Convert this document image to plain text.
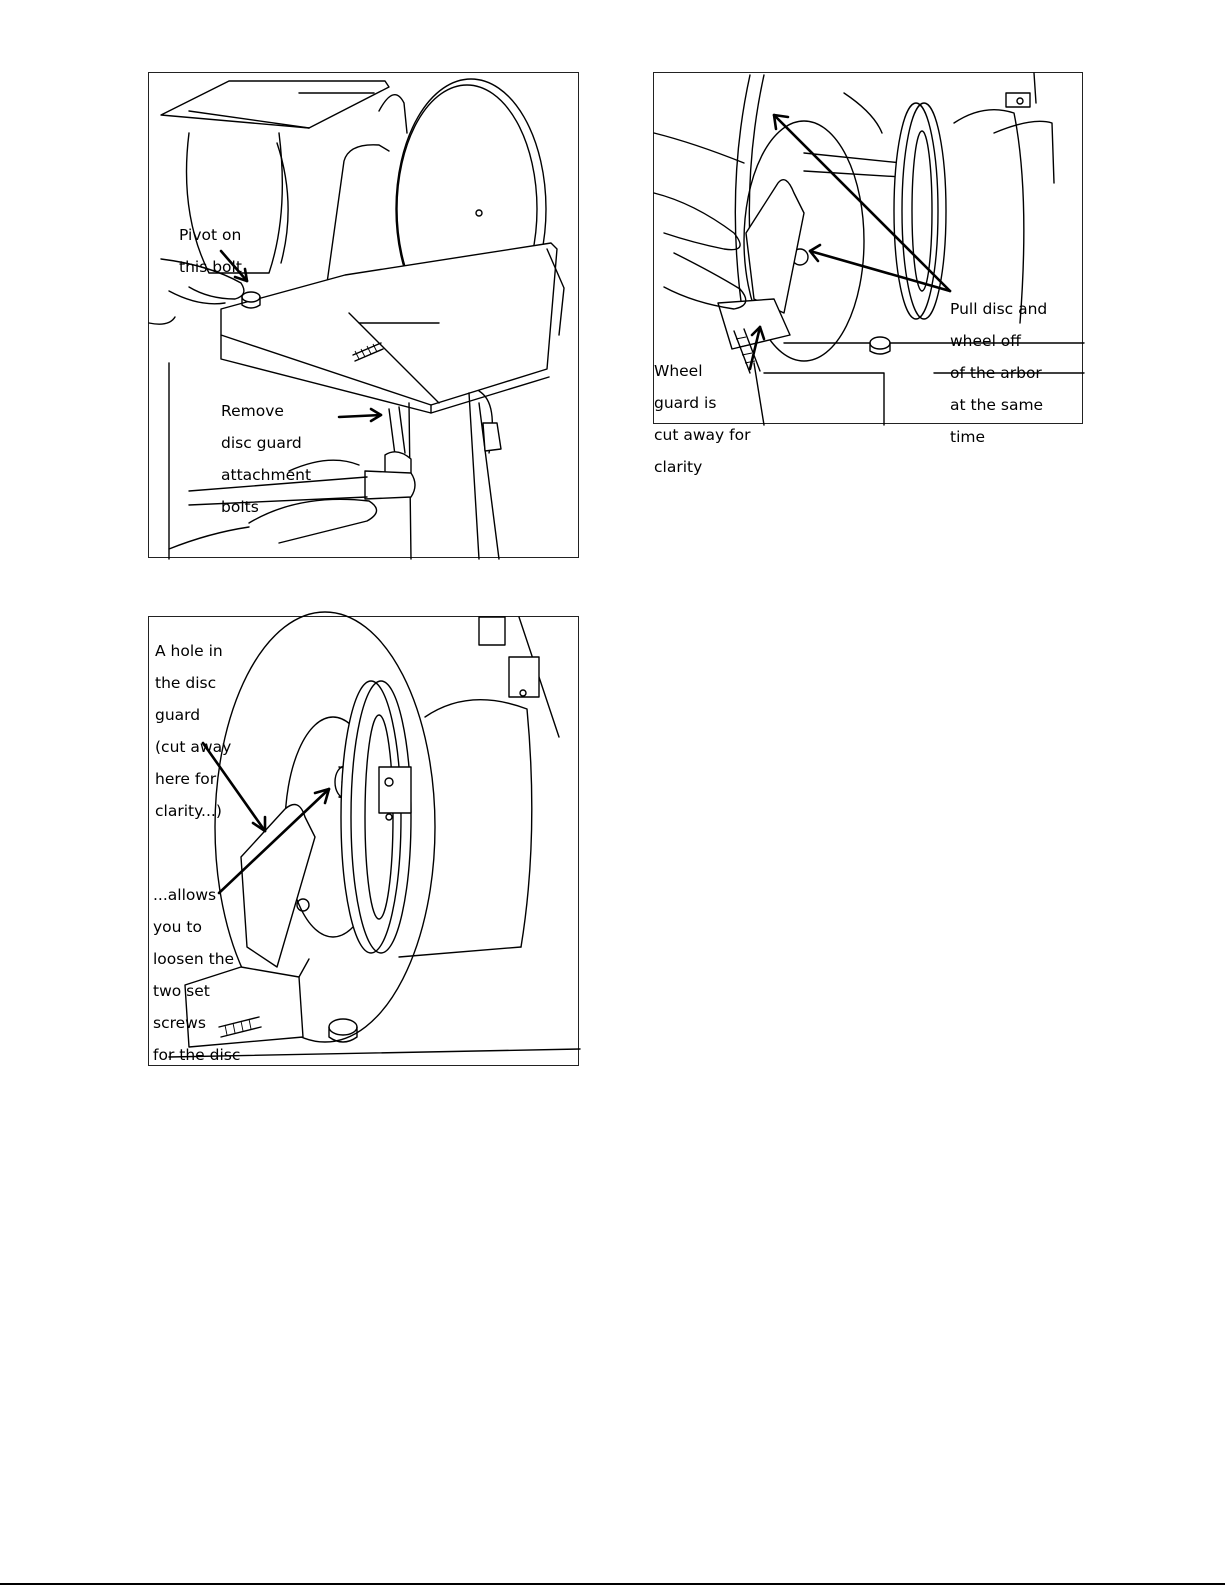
Pivot on

this bolt

Remove

disc guard

attachment

bolts

Pull disc and

wheel off

of the arbor

at the same

time

Wheel

guard is

cut away for

clarity

A hole in

the disc

guard

(cut away

here for

clarity...)

...allows

you to

loosen the

two set

screws

for the disc
